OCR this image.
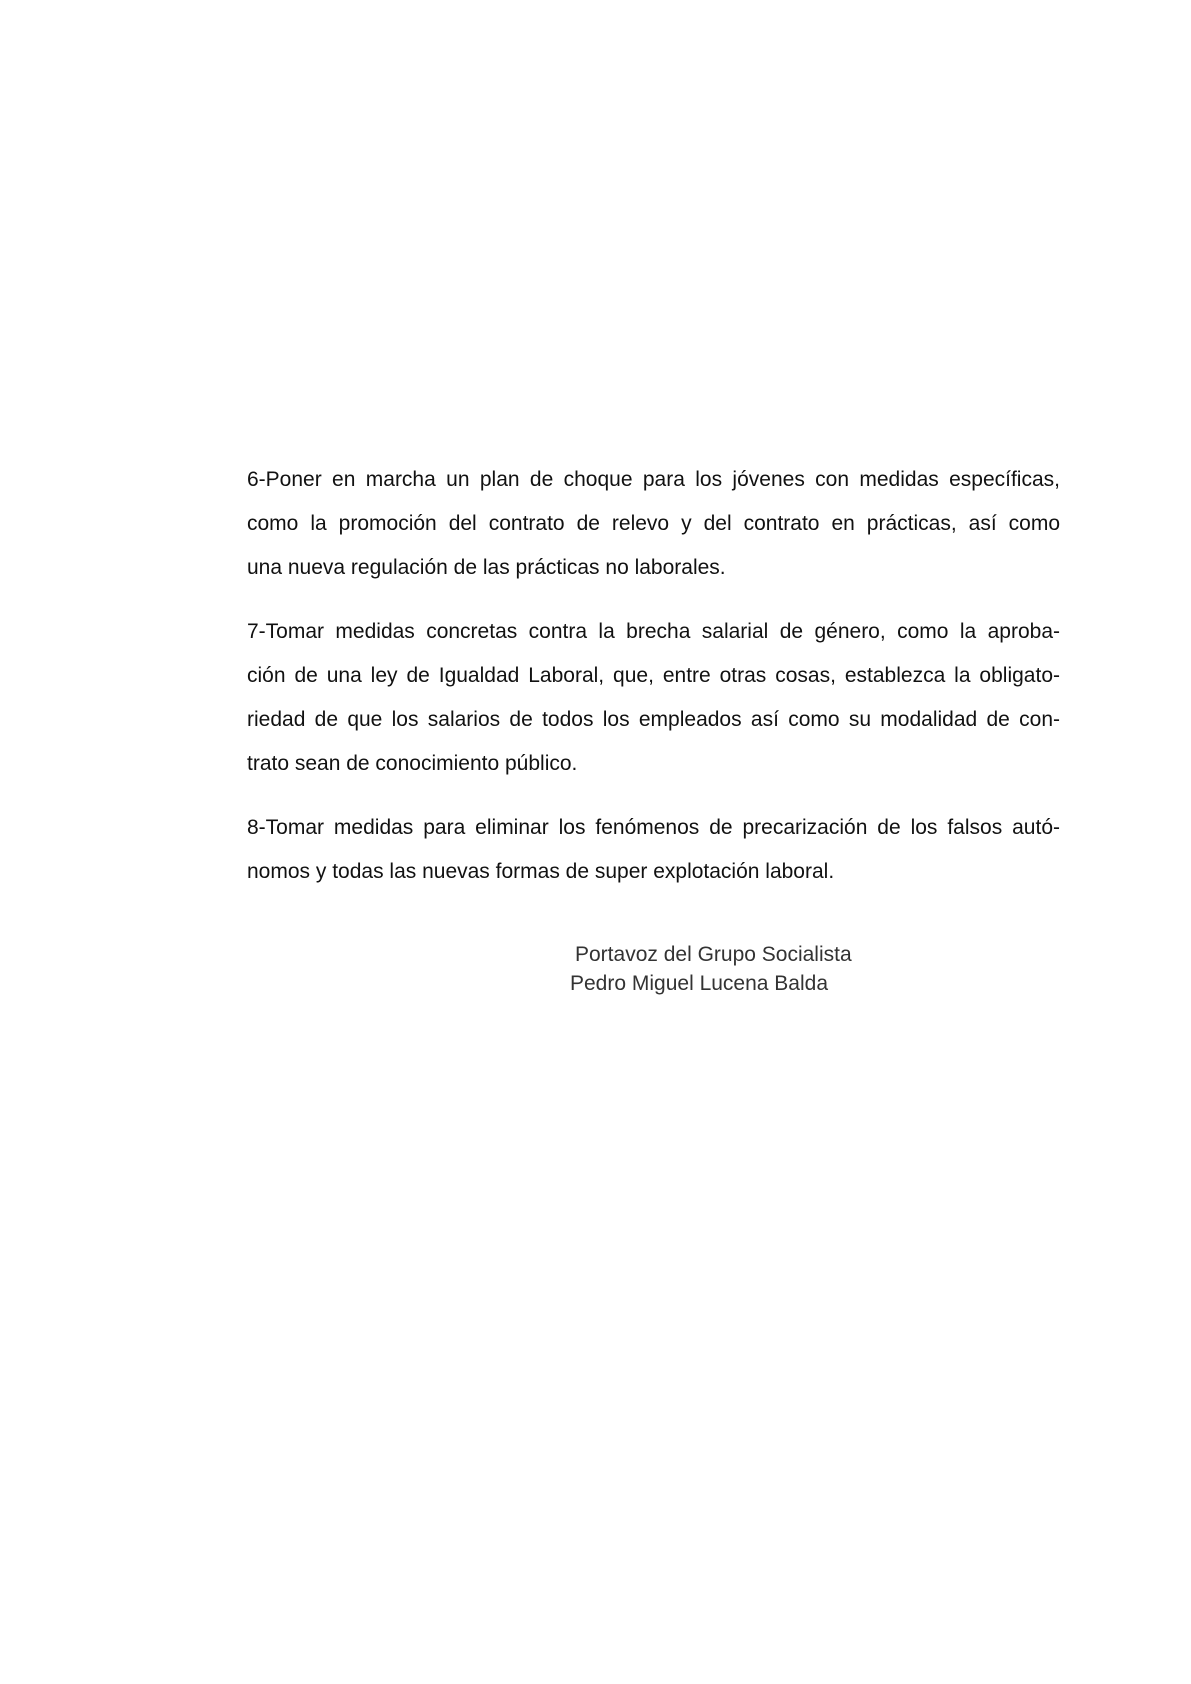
6-Poner en marcha un plan de choque para los jóvenes con medidas específicas,
como la promoción del contrato de relevo y del contrato en prácticas, así como
una nueva regulación de las prácticas no laborales.
7-Tomar medidas concretas contra la brecha salarial de género, como la aproba-
ción de una ley de Igualdad Laboral, que, entre otras cosas, establezca la obligato-
riedad de que los salarios de todos los empleados así como su modalidad de con-
trato sean de conocimiento público.
8-Tomar medidas para eliminar los fenómenos de precarización de los falsos autó-
nomos y todas las nuevas formas de super explotación laboral.
Portavoz del Grupo Socialista
Pedro Miguel Lucena Balda
